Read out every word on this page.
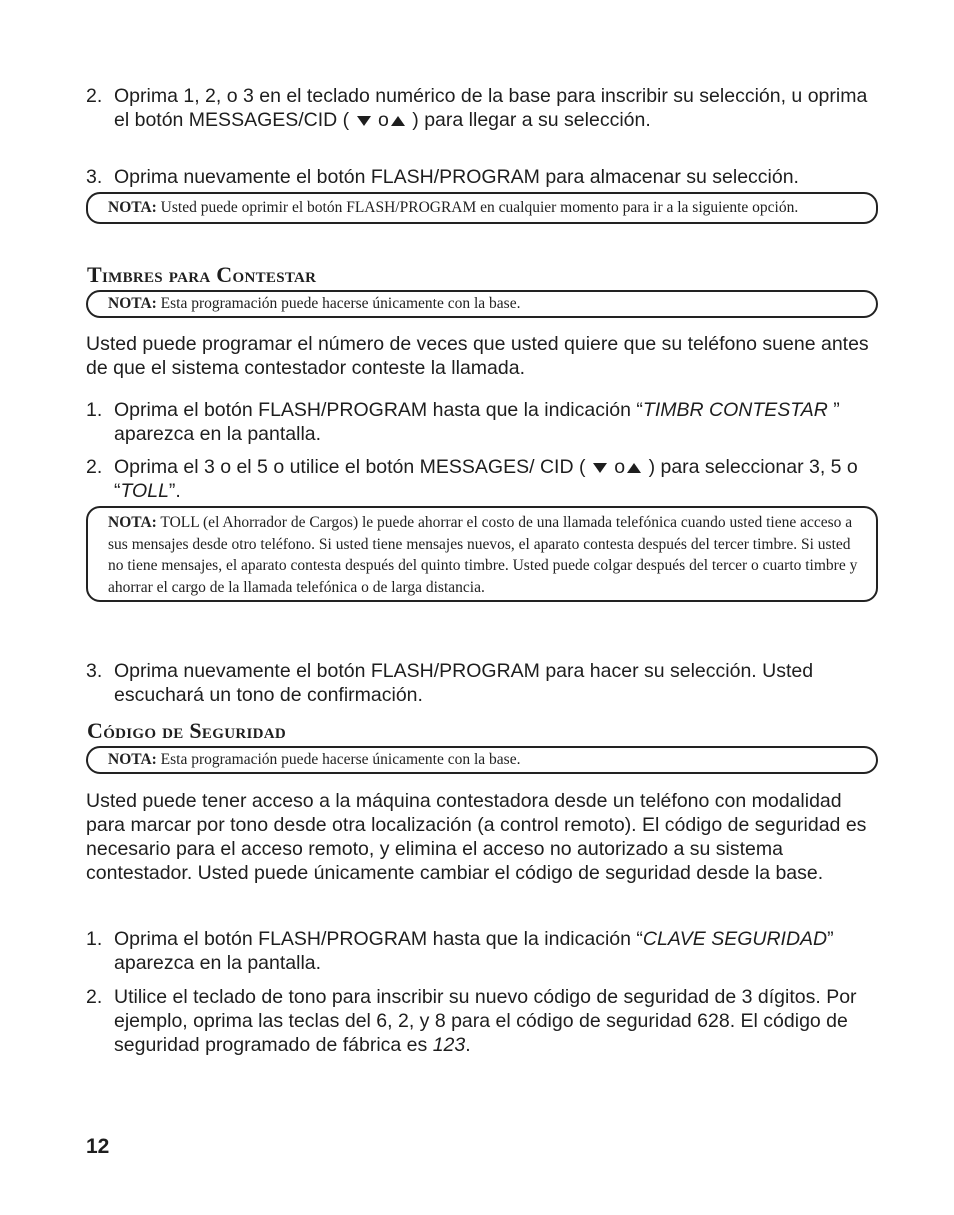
2. Oprima 1, 2, o 3 en el teclado numérico de la base para inscribir su selección, u oprima el botón MESSAGES/CID ( o ) para llegar a su selección.
3. Oprima nuevamente el botón FLASH/PROGRAM para almacenar su selección.
NOTA: Usted puede oprimir el botón FLASH/PROGRAM en cualquier momento para ir a la siguiente opción.
Timbres para Contestar
NOTA: Esta programación puede hacerse únicamente con la base.
Usted puede programar el número de veces que usted quiere que su teléfono suene antes de que el sistema contestador conteste la llamada.
1. Oprima el botón FLASH/PROGRAM hasta que la indicación “TIMBR CONTESTAR ” aparezca en la pantalla.
2. Oprima el 3 o el 5 o utilice el botón MESSAGES/ CID ( o ) para seleccionar 3, 5 o “TOLL”.
NOTA: TOLL (el Ahorrador de Cargos) le puede ahorrar el costo de una llamada telefónica cuando usted tiene acceso a sus mensajes desde otro teléfono. Si usted tiene mensajes nuevos, el aparato contesta después del tercer timbre. Si usted no tiene mensajes, el aparato contesta después del quinto timbre. Usted puede colgar después del tercer o cuarto timbre y ahorrar el cargo de la llamada telefónica o de larga distancia.
3. Oprima nuevamente el botón FLASH/PROGRAM para hacer su selección. Usted escuchará un tono de confirmación.
Código de Seguridad
NOTA: Esta programación puede hacerse únicamente con la base.
Usted puede tener acceso a la máquina contestadora desde un teléfono con modalidad para marcar por tono desde otra localización (a control remoto). El código de seguridad es necesario para el acceso remoto, y elimina el acceso no autorizado a su sistema contestador. Usted puede únicamente cambiar el código de seguridad desde la base.
1. Oprima el botón FLASH/PROGRAM hasta que la indicación “CLAVE SEGURIDAD” aparezca en la pantalla.
2. Utilice el teclado de tono para inscribir su nuevo código de seguridad de 3 dígitos. Por ejemplo, oprima las teclas del 6, 2, y 8 para el código de seguridad 628. El código de seguridad programado de fábrica es 123.
12
